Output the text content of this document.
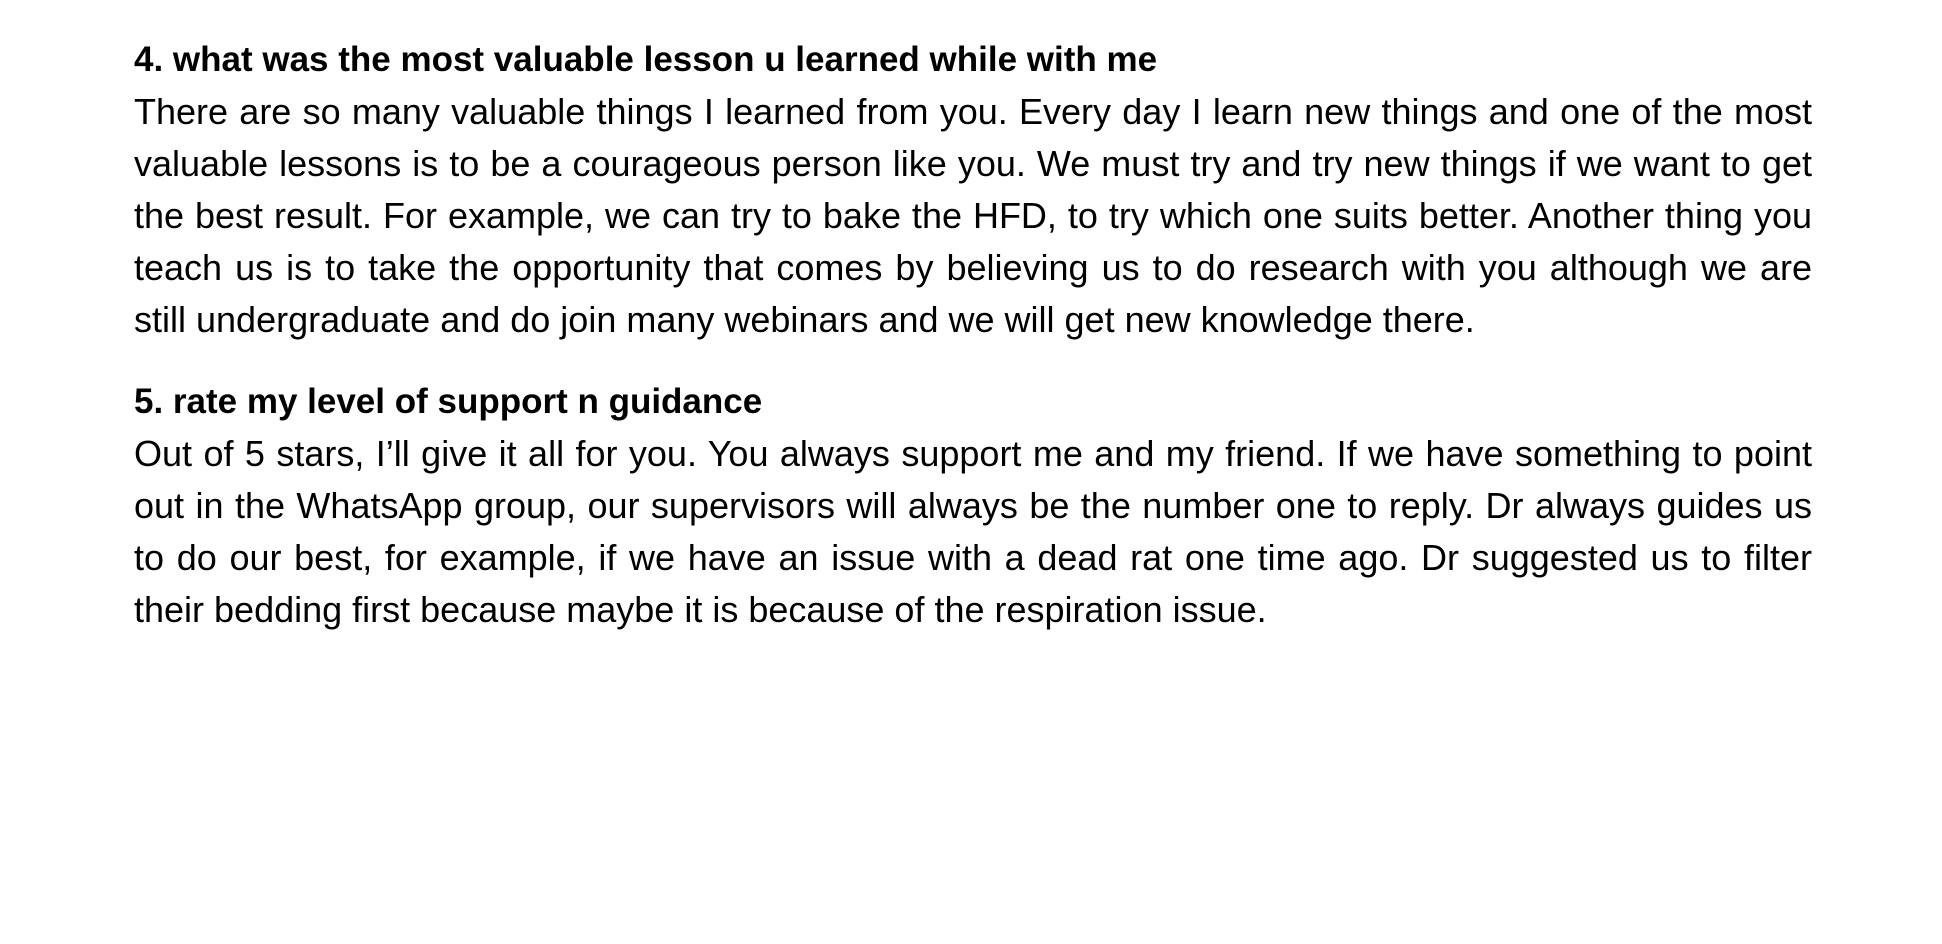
4. what was the most valuable lesson u learned while with me

There are so many valuable things I learned from you. Every day I learn new things and one of the most valuable lessons is to be a courageous person like you. We must try and try new things if we want to get the best result. For example, we can try to bake the HFD, to try which one suits better. Another thing you teach us is to take the opportunity that comes by believing us to do research with you although we are still undergraduate and do join many webinars and we will get new knowledge there.

5. rate my level of support n guidance

Out of 5 stars, I’ll give it all for you. You always support me and my friend. If we have something to point out in the WhatsApp group, our supervisors will always be the number one to reply. Dr always guides us to do our best, for example, if we have an issue with a dead rat one time ago. Dr suggested us to filter their bedding first because maybe it is because of the respiration issue.
